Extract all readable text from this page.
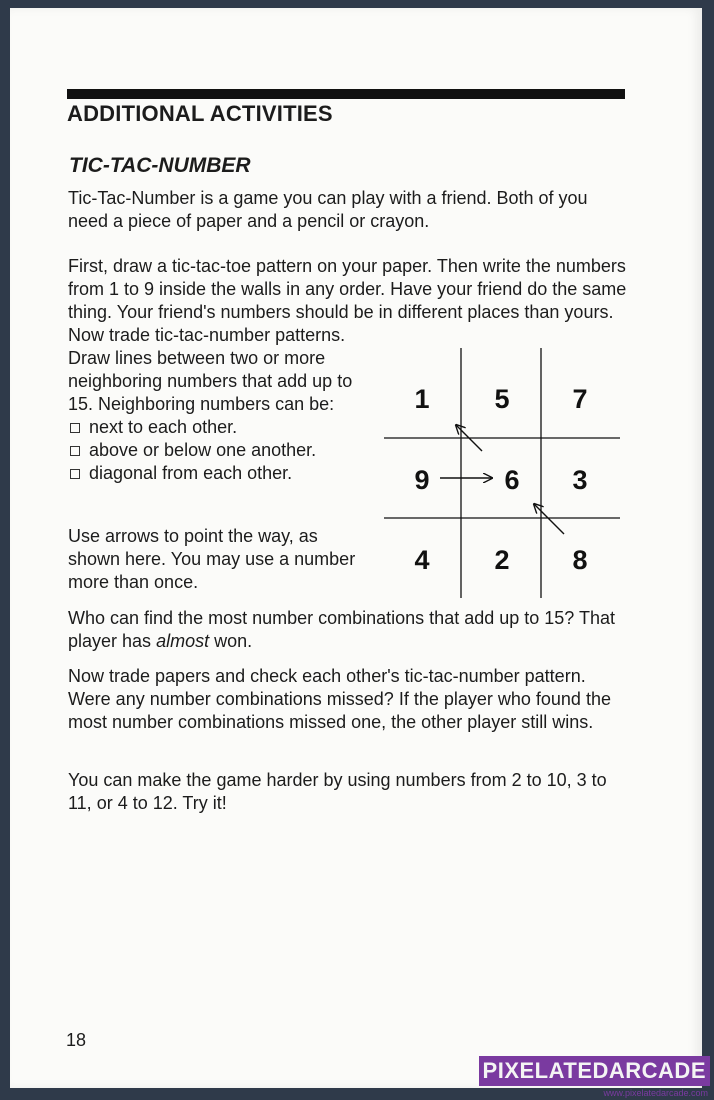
ADDITIONAL ACTIVITIES
TIC-TAC-NUMBER

Tic-Tac-Number is a game you can play with a friend. Both of you need a piece of paper and a pencil or crayon.

First, draw a tic-tac-toe pattern on your paper. Then write the numbers from 1 to 9 inside the walls in any order. Have your friend do the same thing. Your friend's numbers should be in different places than yours. Now trade tic-tac-number patterns.

Draw lines between two or more neighboring numbers that add up to 15. Neighboring numbers can be:

next to each other.
above or below one another.
diagonal from each other.

Use arrows to point the way, as shown here. You may use a number more than once.

1 5 7
9	6 3
4 2 8

Who can find the most number combinations that add up to 15? That player has almost won.

Now trade papers and check each other's tic-tac-number pattern. Were any number combinations missed? If the player who found the most number combinations missed one, the other player still wins.

You can make the game harder by using numbers from 2 to 10, 3 to 11, or 4 to 12. Try it!

18
PIXELATEDARCADE
www.pixelatedarcade.com
